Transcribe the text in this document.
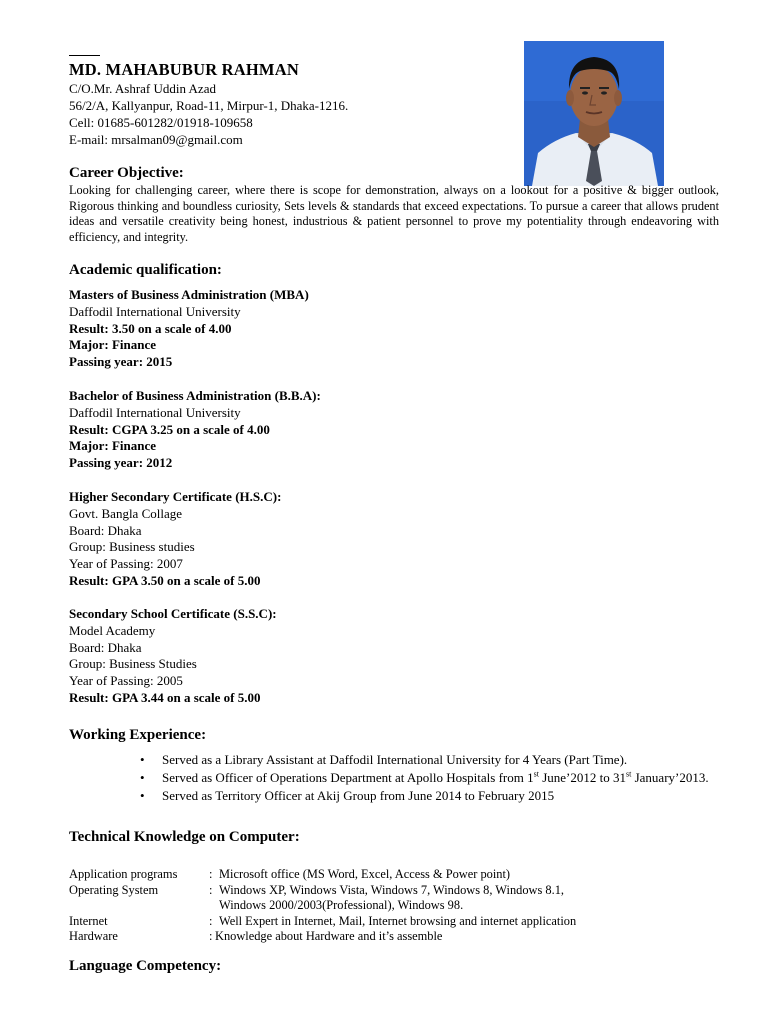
MD. MAHABUBUR RAHMAN
C/O.Mr. Ashraf Uddin Azad
56/2/A, Kallyanpur, Road-11, Mirpur-1, Dhaka-1216.
Cell: 01685-601282/01918-109658
E-mail: mrsalman09@gmail.com
Career Objective:
Looking for challenging career, where there is scope for demonstration, always on a lookout for a positive & bigger outlook, Rigorous thinking and boundless curiosity, Sets levels & standards that exceed expectations. To pursue a career that allows prudent ideas and versatile creativity being honest, industrious & patient personnel to prove my potentiality through endeavoring with efficiency, and integrity.
Academic qualification:
Masters of Business Administration (MBA)
Daffodil International University
Result: 3.50 on a scale of 4.00
Major: Finance
Passing year: 2015
Bachelor of Business Administration (B.B.A):
Daffodil International University
Result: CGPA 3.25 on a scale of 4.00
Major: Finance
Passing year: 2012
Higher Secondary Certificate (H.S.C):
Govt. Bangla Collage
Board: Dhaka
Group: Business studies
Year of Passing: 2007
Result: GPA 3.50 on a scale of 5.00
Secondary School Certificate (S.S.C):
Model Academy
Board: Dhaka
Group: Business Studies
Year of Passing: 2005
Result: GPA 3.44 on a scale of 5.00
Working Experience:
• Served as a Library Assistant at Daffodil International University for 4 Years (Part Time).
• Served as Officer of Operations Department at Apollo Hospitals from 1st June’2012 to 31st January’2013.
• Served as Territory Officer at Akij Group from June 2014 to February 2015
Technical Knowledge on Computer:
Application programs	: Microsoft office (MS Word, Excel, Access & Power point)
Operating System	: Windows XP, Windows Vista, Windows 7, Windows 8, Windows 8.1, Windows 2000/2003(Professional), Windows 98.
Internet	: Well Expert in Internet, Mail, Internet browsing and internet application
Hardware	: Knowledge about Hardware and it’s assemble
Language Competency:
